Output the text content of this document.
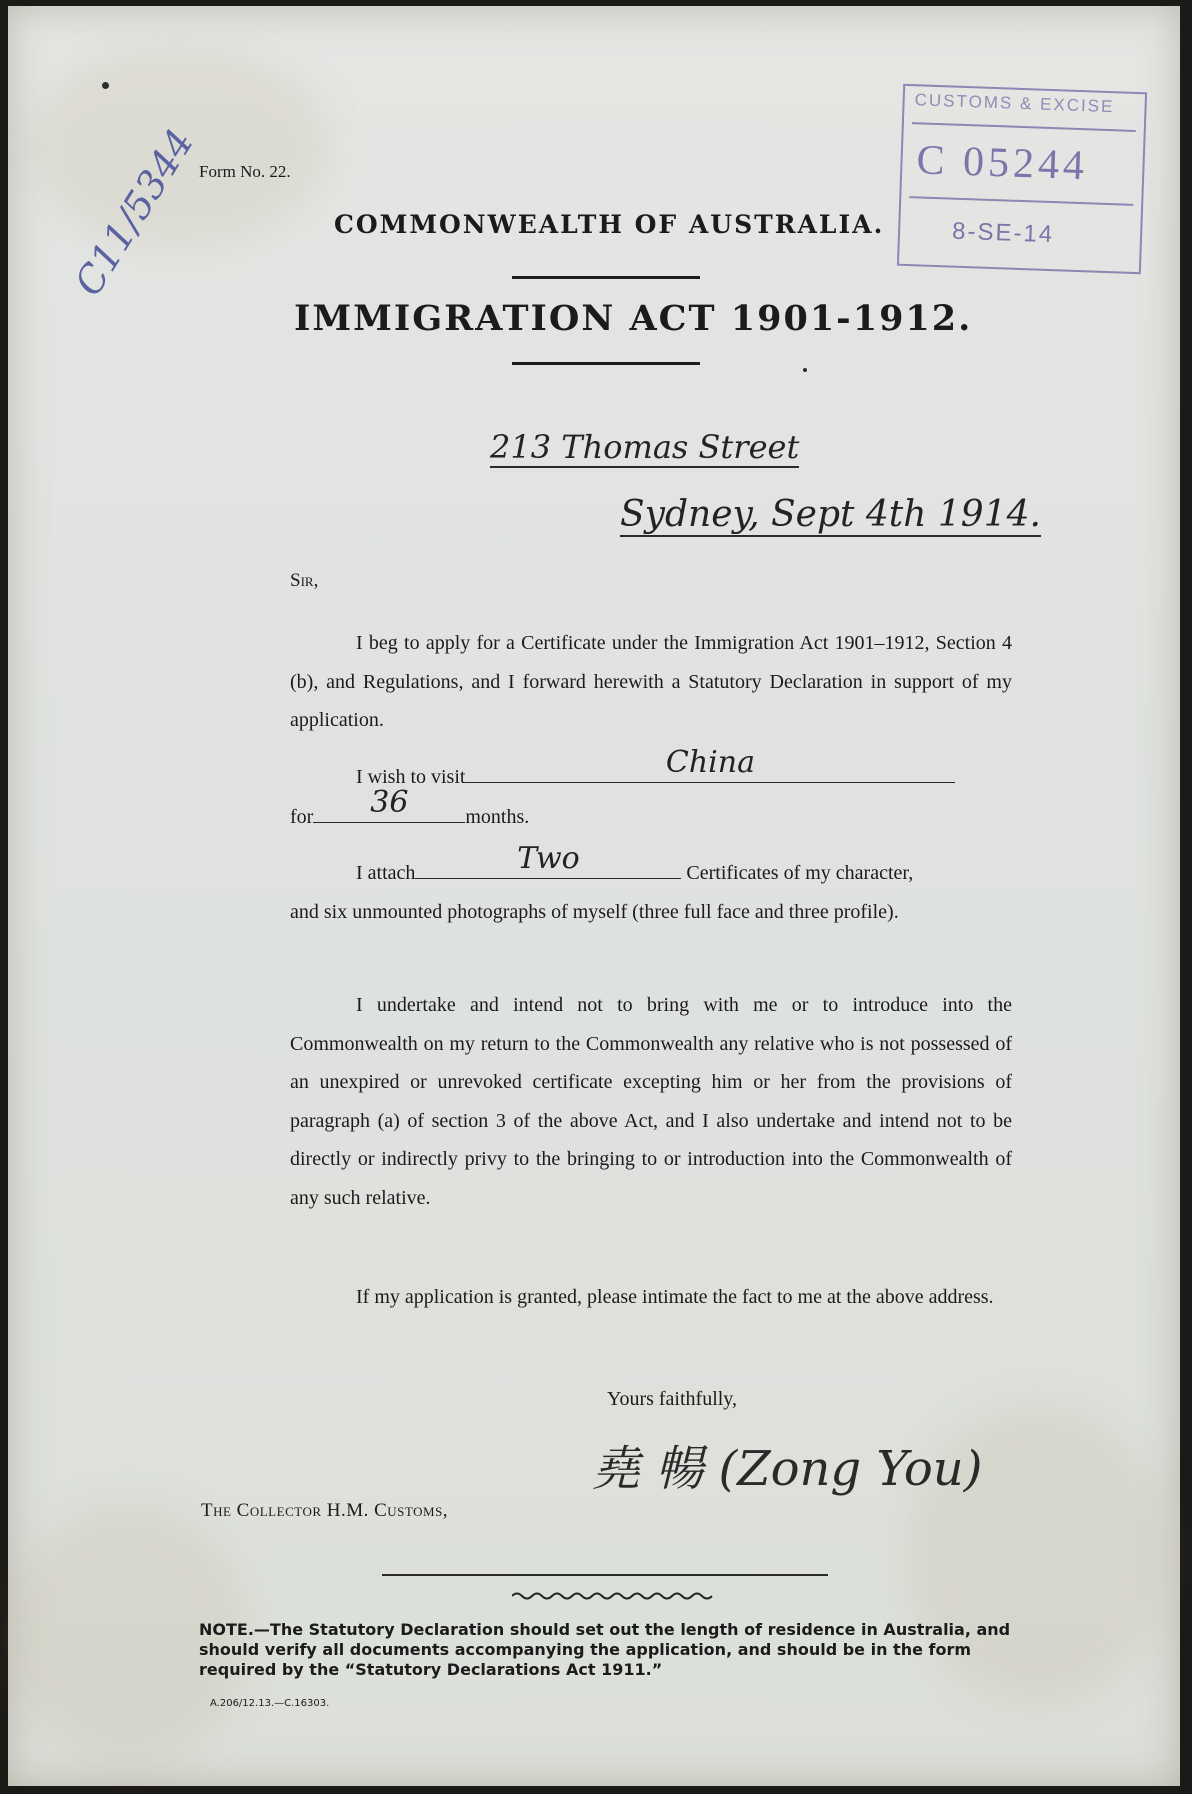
Form No. 22.
CUSTOMS & EXCISE
C 05244
8-SE-14
C11/5344	COMMONWEALTH OF AUSTRALIA.
IMMIGRATION ACT 1901-1912.
213 Thomas Street
Sydney, Sept 4th 1914.
Sir,
I beg to apply for a Certificate under the Immigration Act 1901–1912, Section 4 (b), and Regulations, and I forward herewith a Statutory Declaration in support of my application.
I wish to visit	China
for	36	months.
I attach	Two	Certificates of my character,
and six unmounted photographs of myself (three full face and three profile).
I undertake and intend not to bring with me or to introduce into the Commonwealth on my return to the Commonwealth any relative who is not possessed of an unexpired or unrevoked certificate excepting him or her from the provisions of paragraph (a) of section 3 of the above Act, and I also undertake and intend not to be directly or indirectly privy to the bringing to or introduction into the Commonwealth of any such relative.
If my application is granted, please intimate the fact to me at the above address.
Yours faithfully,
The Collector H.M. Customs,
堯 暢 (Zong You)
NOTE.—The Statutory Declaration should set out the length of residence in Australia, and should verify all documents accompanying the application, and should be in the form required by the “Statutory Declarations Act 1911.”
A.206/12.13.—C.16303.
